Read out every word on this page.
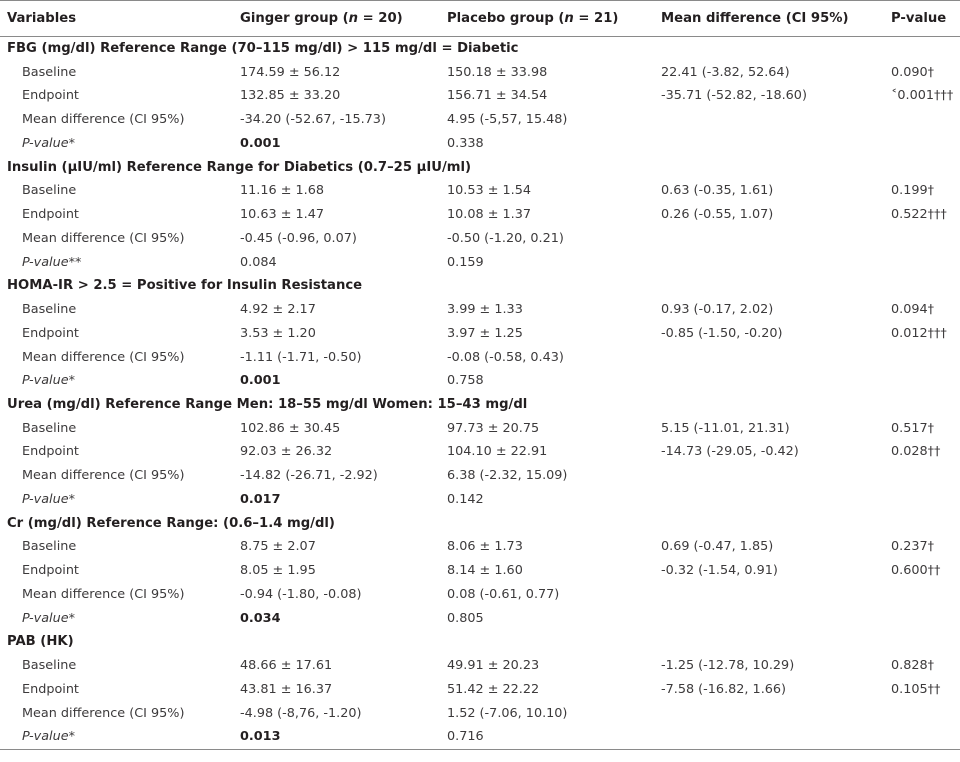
Variables	Ginger group (n = 20)	Placebo group (n = 21)	Mean difference (CI 95%)	P-value
FBG (mg/dl) Reference Range (70–115 mg/dl) > 115 mg/dl = Diabetic				
Baseline	174.59 ± 56.12	150.18 ± 33.98	22.41 (-3.82, 52.64)	0.090†
Endpoint	132.85 ± 33.20	156.71 ± 34.54	-35.71 (-52.82, -18.60)	˂0.001†††
Mean difference (CI 95%)	-34.20 (-52.67, -15.73)	4.95 (-5,57, 15.48)		
P-value*	0.001	0.338		
Insulin (µIU/ml) Reference Range for Diabetics (0.7–25 µIU/ml)				
Baseline	11.16 ± 1.68	10.53 ± 1.54	0.63 (-0.35, 1.61)	0.199†
Endpoint	10.63 ± 1.47	10.08 ± 1.37	0.26 (-0.55, 1.07)	0.522†††
Mean difference (CI 95%)	-0.45 (-0.96, 0.07)	-0.50 (-1.20, 0.21)		
P-value**	0.084	0.159		
HOMA-IR > 2.5 = Positive for Insulin Resistance				
Baseline	4.92 ± 2.17	3.99 ± 1.33	0.93 (-0.17, 2.02)	0.094†
Endpoint	3.53 ± 1.20	3.97 ± 1.25	-0.85 (-1.50, -0.20)	0.012†††
Mean difference (CI 95%)	-1.11 (-1.71, -0.50)	-0.08 (-0.58, 0.43)		
P-value*	0.001	0.758		
Urea (mg/dl) Reference Range Men: 18–55 mg/dl Women: 15–43 mg/dl				
Baseline	102.86 ± 30.45	97.73 ± 20.75	5.15 (-11.01, 21.31)	0.517†
Endpoint	92.03 ± 26.32	104.10 ± 22.91	-14.73 (-29.05, -0.42)	0.028††
Mean difference (CI 95%)	-14.82 (-26.71, -2.92)	6.38 (-2.32, 15.09)		
P-value*	0.017	0.142		
Cr (mg/dl) Reference Range: (0.6–1.4 mg/dl)				
Baseline	8.75 ± 2.07	8.06 ± 1.73	0.69 (-0.47, 1.85)	0.237†
Endpoint	8.05 ± 1.95	8.14 ± 1.60	-0.32 (-1.54, 0.91)	0.600††
Mean difference (CI 95%)	-0.94 (-1.80, -0.08)	0.08 (-0.61, 0.77)		
P-value*	0.034	0.805		
PAB (HK)				
Baseline	48.66 ± 17.61	49.91 ± 20.23	-1.25 (-12.78, 10.29)	0.828†
Endpoint	43.81 ± 16.37	51.42 ± 22.22	-7.58 (-16.82, 1.66)	0.105††
Mean difference (CI 95%)	-4.98 (-8,76, -1.20)	1.52 (-7.06, 10.10)		
P-value*	0.013	0.716		
